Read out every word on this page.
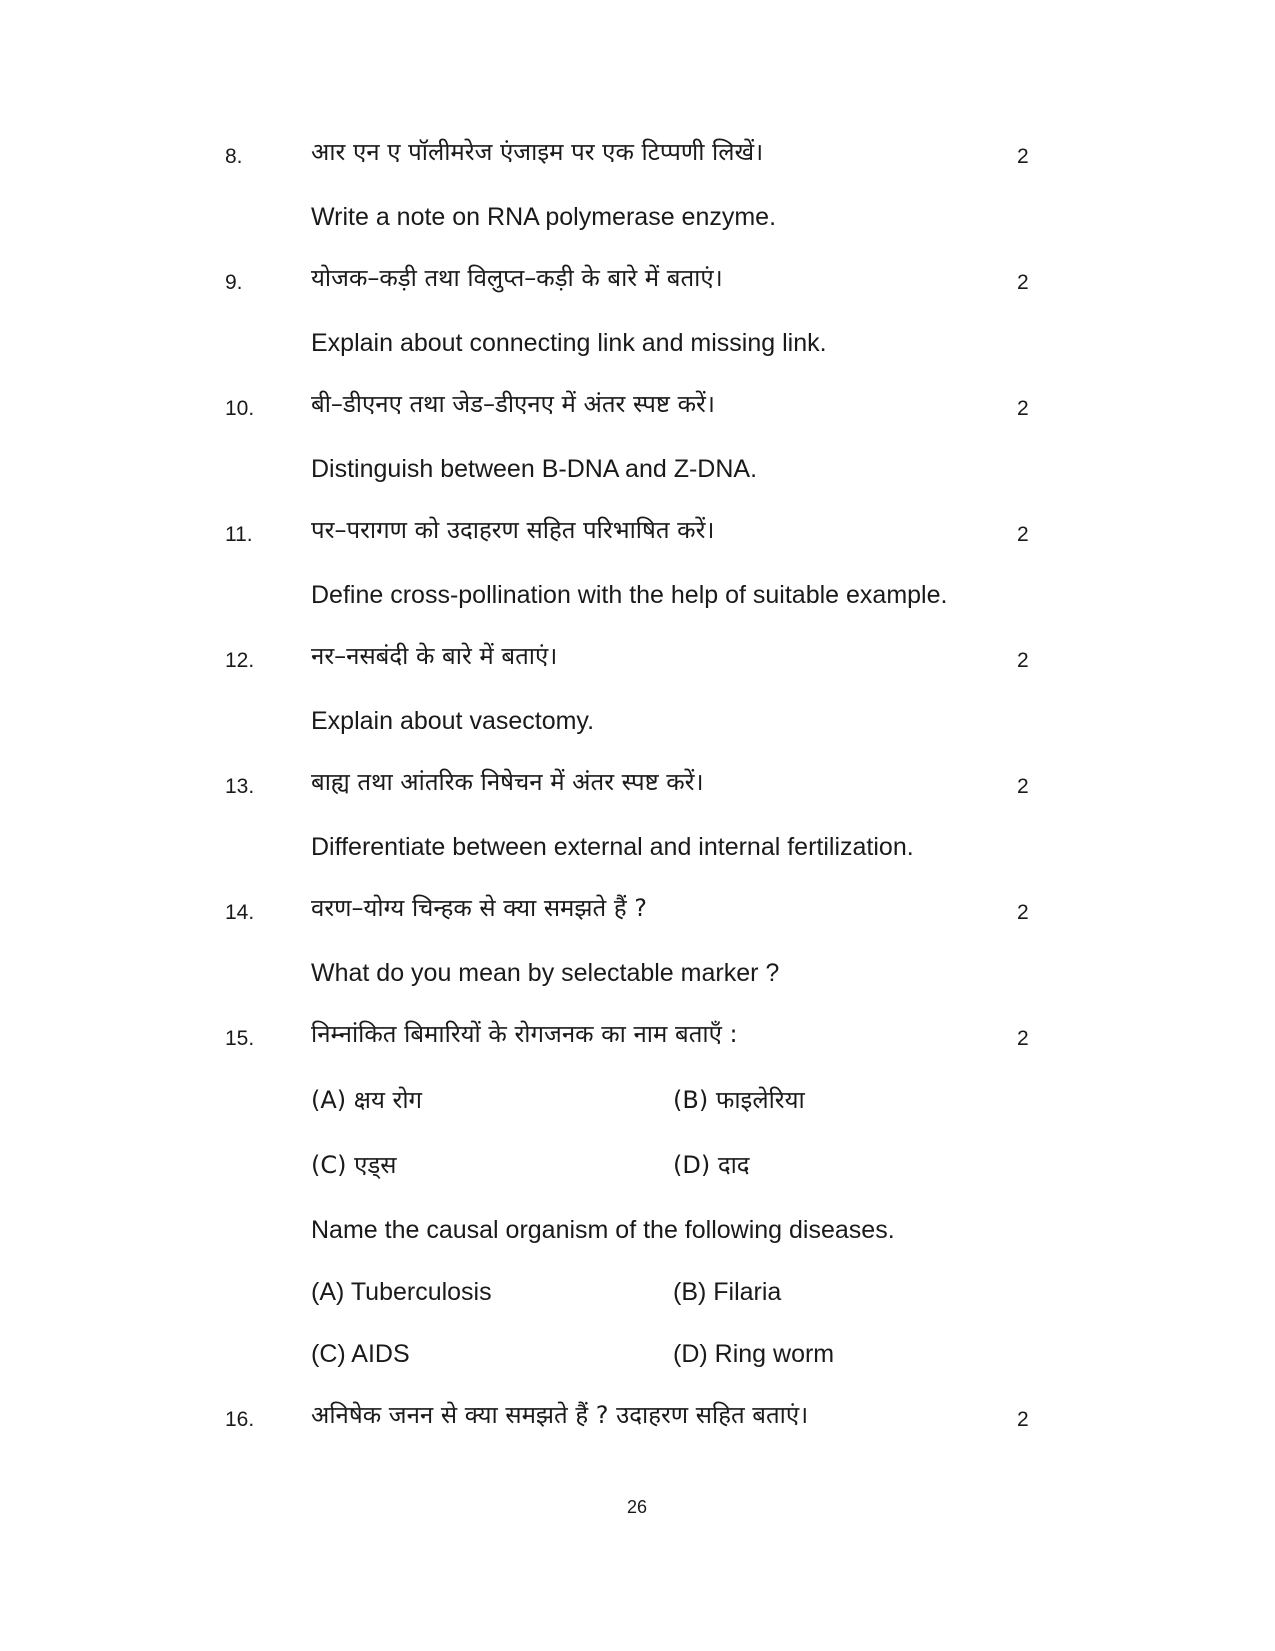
8.	आर एन ए पॉलीमरेज एंजाइम पर एक टिप्पणी लिखें।	2
Write a note on RNA polymerase enzyme.
9.	योजक–कड़ी तथा विलुप्त–कड़ी के बारे में बताएं।	2
Explain about connecting link and missing link.
10. बी–डीएनए तथा जेड–डीएनए में अंतर स्पष्ट करें।	2
Distinguish between B-DNA and Z-DNA.
11. पर–परागण को उदाहरण सहित परिभाषित करें।	2
Define cross-pollination with the help of suitable example.
12. नर–नसबंदी के बारे में बताएं।	2
Explain about vasectomy.
13. बाह्य तथा आंतरिक निषेचन में अंतर स्पष्ट करें।	2
Differentiate between external and internal fertilization.
14. वरण–योग्य चिन्हक से क्या समझते हैं ?	2
What do you mean by selectable marker ?
15. निम्नांकित बिमारियों के रोगजनक का नाम बताएँ :	2
(A) क्षय रोग	(B) फाइलेरिया
(C) एड्स	(D) दाद
Name the causal organism of the following diseases.
(A) Tuberculosis	(B) Filaria
(C) AIDS	(D) Ring worm
16. अनिषेक जनन से क्या समझते हैं ? उदाहरण सहित बताएं।	2
26
